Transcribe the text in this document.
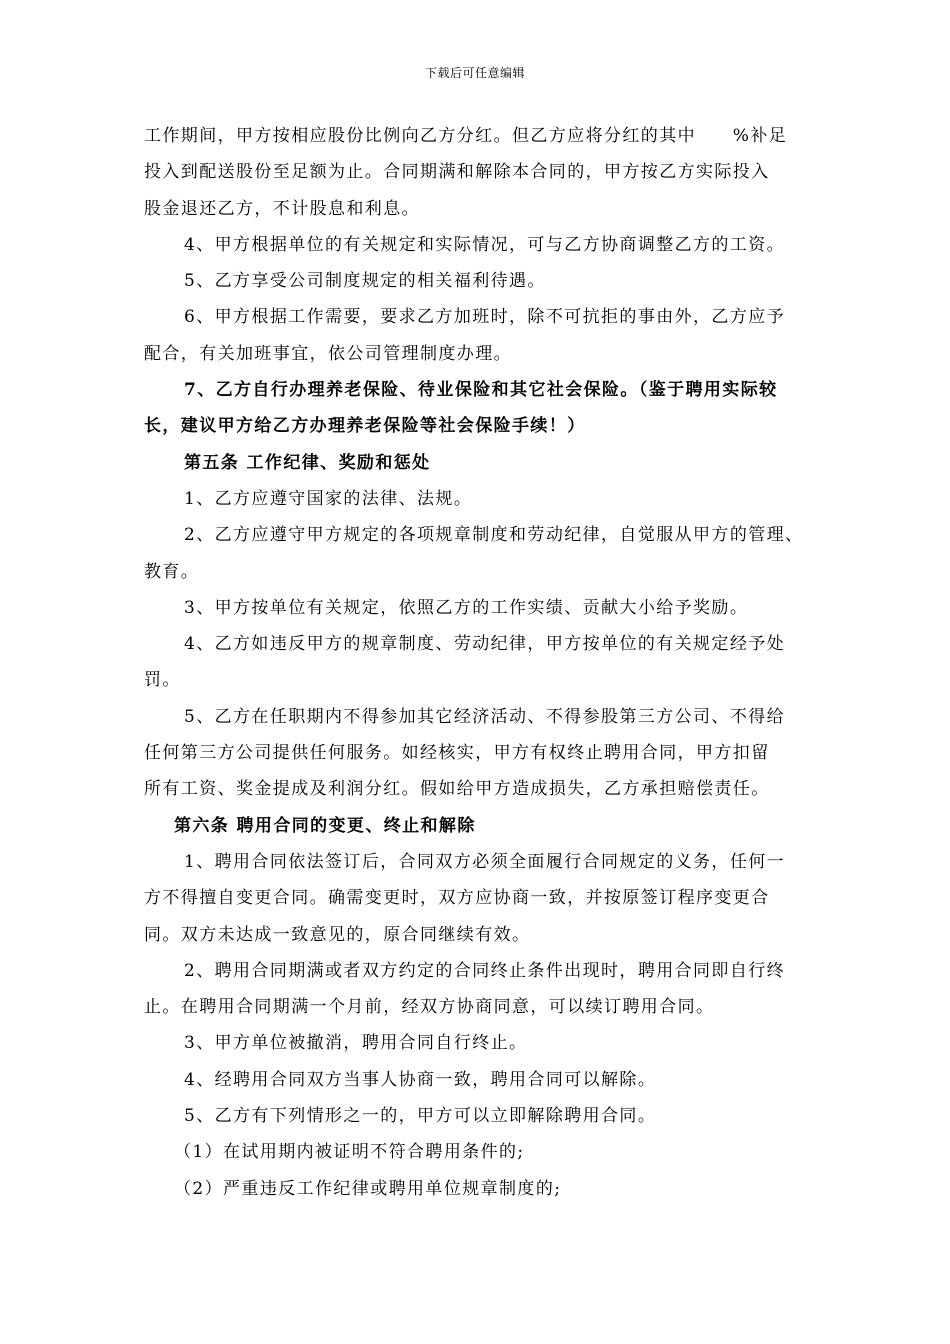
下载后可任意编辑
工作期间，甲方按相应股份比例向乙方分红。但乙方应将分红的其中　　%补足
投入到配送股份至足额为止。合同期满和解除本合同的，甲方按乙方实际投入
股金退还乙方，不计股息和利息。
4、甲方根据单位的有关规定和实际情况，可与乙方协商调整乙方的工资。
5、乙方享受公司制度规定的相关福利待遇。
6、甲方根据工作需要，要求乙方加班时，除不可抗拒的事由外，乙方应予
配合，有关加班事宜，依公司管理制度办理。
7、乙方自行办理养老保险、待业保险和其它社会保险。（鉴于聘用实际较
长，建议甲方给乙方办理养老保险等社会保险手续！）
第五条 工作纪律、奖励和惩处
1、乙方应遵守国家的法律、法规。
2、乙方应遵守甲方规定的各项规章制度和劳动纪律，自觉服从甲方的管理、
教育。
3、甲方按单位有关规定，依照乙方的工作实绩、贡献大小给予奖励。
4、乙方如违反甲方的规章制度、劳动纪律，甲方按单位的有关规定经予处
罚。
5、乙方在任职期内不得参加其它经济活动、不得参股第三方公司、不得给
任何第三方公司提供任何服务。如经核实，甲方有权终止聘用合同，甲方扣留
所有工资、奖金提成及利润分红。假如给甲方造成损失，乙方承担赔偿责任。
第六条 聘用合同的变更、终止和解除
1、聘用合同依法签订后，合同双方必须全面履行合同规定的义务，任何一
方不得擅自变更合同。确需变更时，双方应协商一致，并按原签订程序变更合
同。双方未达成一致意见的，原合同继续有效。
2、聘用合同期满或者双方约定的合同终止条件出现时，聘用合同即自行终
止。在聘用合同期满一个月前，经双方协商同意，可以续订聘用合同。
3、甲方单位被撤消，聘用合同自行终止。
4、经聘用合同双方当事人协商一致，聘用合同可以解除。
5、乙方有下列情形之一的，甲方可以立即解除聘用合同。
（1）在试用期内被证明不符合聘用条件的;
（2）严重违反工作纪律或聘用单位规章制度的;
